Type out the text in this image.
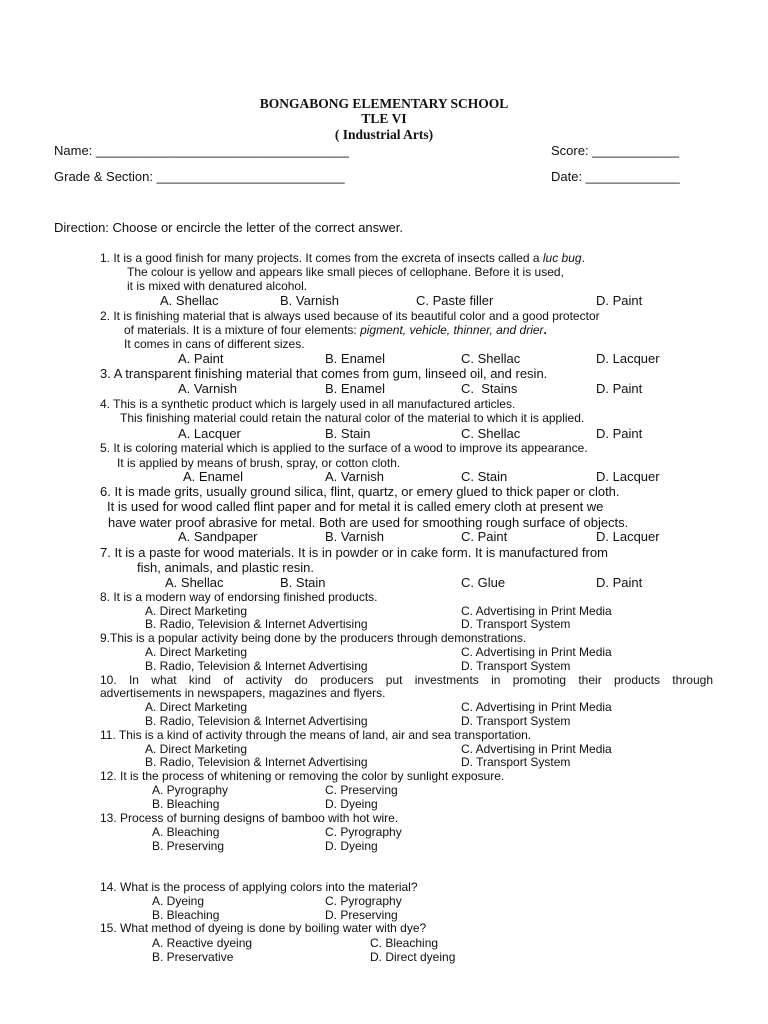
BONGABONG ELEMENTARY SCHOOL
TLE VI
( Industrial Arts)
Name: ___________________________________	Score: ____________
Grade & Section: __________________________	Date: _____________
Direction: Choose or encircle the letter of the correct answer.
1. It is a good finish for many projects. It comes from the excreta of insects called a luc bug.
The colour is yellow and appears like small pieces of cellophane. Before it is used,
it is mixed with denatured alcohol.
A. Shellac	B. Varnish	C. Paste filler	D. Paint
2. It is finishing material that is always used because of its beautiful color and a good protector
of materials. It is a mixture of four elements: pigment, vehicle, thinner, and drier.
It comes in cans of different sizes.
A. Paint	B. Enamel	C. Shellac	D. Lacquer
3. A transparent finishing material that comes from gum, linseed oil, and resin.
A. Varnish	B. Enamel	C.  Stains	D. Paint
4. This is a synthetic product which is largely used in all manufactured articles.
This finishing material could retain the natural color of the material to which it is applied.
A. Lacquer	B. Stain	C. Shellac	D. Paint
5. It is coloring material which is applied to the surface of a wood to improve its appearance.
It is applied by means of brush, spray, or cotton cloth.
A. Enamel	A. Varnish	C. Stain	D. Lacquer
6. It is made grits, usually ground silica, flint, quartz, or emery glued to thick paper or cloth.
It is used for wood called flint paper and for metal it is called emery cloth at present we
have water proof abrasive for metal. Both are used for smoothing rough surface of objects.
A. Sandpaper	B. Varnish	C. Paint	D. Lacquer
7. It is a paste for wood materials. It is in powder or in cake form. It is manufactured from
fish, animals, and plastic resin.
A. Shellac	B. Stain	C. Glue	D. Paint
8. It is a modern way of endorsing finished products.
A. Direct Marketing	C. Advertising in Print Media
B. Radio, Television & Internet Advertising	D. Transport System
9.This is a popular activity being done by the producers through demonstrations.
A. Direct Marketing	C. Advertising in Print Media
B. Radio, Television & Internet Advertising	D. Transport System
10. In what kind of activity do producers put investments in promoting their products through
advertisements in newspapers, magazines and flyers.
A. Direct Marketing	C. Advertising in Print Media
B. Radio, Television & Internet Advertising	D. Transport System
11. This is a kind of activity through the means of land, air and sea transportation.
A. Direct Marketing	C. Advertising in Print Media
B. Radio, Television & Internet Advertising	D. Transport System
12. It is the process of whitening or removing the color by sunlight exposure.
A. Pyrography	C. Preserving
B. Bleaching	D. Dyeing
13. Process of burning designs of bamboo with hot wire.
A. Bleaching	C. Pyrography
B. Preserving	D. Dyeing
14. What is the process of applying colors into the material?
A. Dyeing	C. Pyrography
B. Bleaching	D. Preserving
15. What method of dyeing is done by boiling water with dye?
A. Reactive dyeing	C. Bleaching
B. Preservative	D. Direct dyeing
